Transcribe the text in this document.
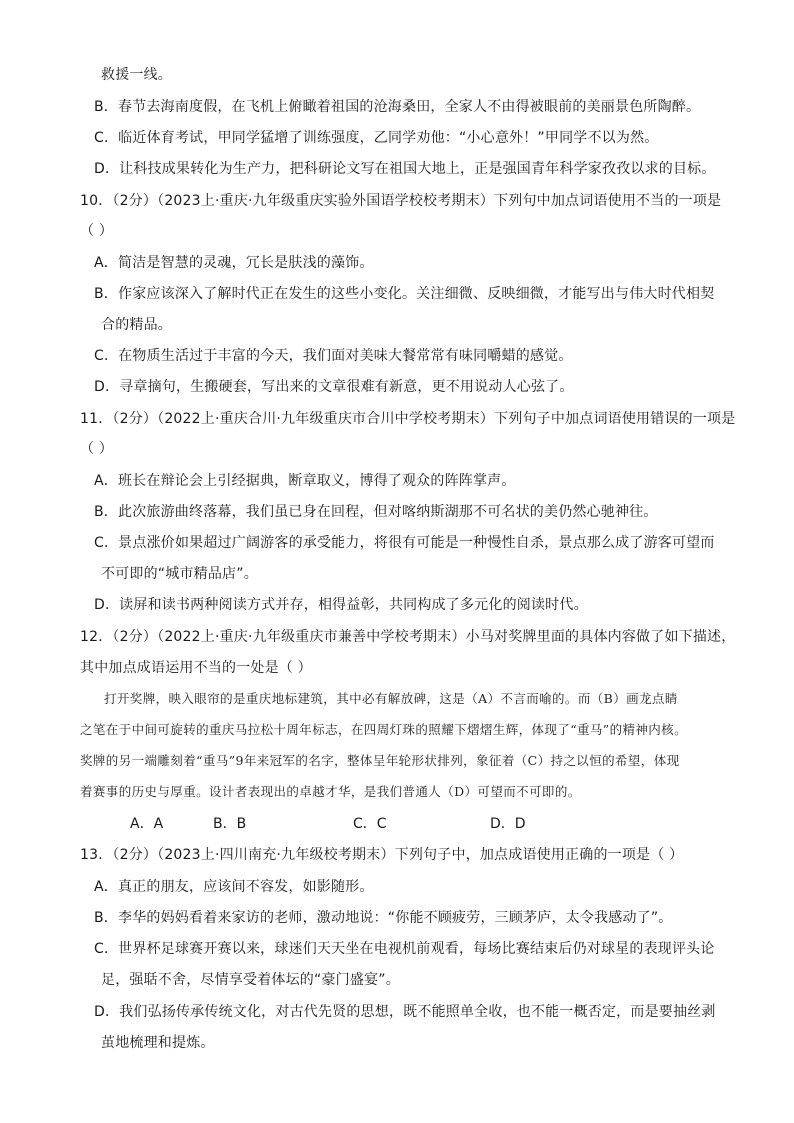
救援一线。
B．春节去海南度假，在飞机上俯瞰着祖国的沧海桑田，全家人不由得被眼前的美丽景色所陶醉。
C．临近体育考试，甲同学猛增了训练强度，乙同学劝他：“小心意外！”甲同学不以为然。
D．让科技成果转化为生产力，把科研论文写在祖国大地上，正是强国青年科学家孜孜以求的目标。
10．（2分）（2023上·重庆·九年级重庆实验外国语学校校考期末）下列句中加点词语使用不当的一项是
（ ）
A．简洁是智慧的灵魂，冗长是肤浅的藻饰。
B．作家应该深入了解时代正在发生的这些小变化。关注细微、反映细微，才能写出与伟大时代相契
合的精品。
C．在物质生活过于丰富的今天，我们面对美味大餐常常有味同嚼蜡的感觉。
D．寻章摘句，生搬硬套，写出来的文章很难有新意，更不用说动人心弦了。
11．（2分）（2022上·重庆合川·九年级重庆市合川中学校考期末）下列句子中加点词语使用错误的一项是
（ ）
A．班长在辩论会上引经据典，断章取义，博得了观众的阵阵掌声。
B．此次旅游曲终落幕，我们虽已身在回程，但对喀纳斯湖那不可名状的美仍然心驰神往。
C．景点涨价如果超过广阔游客的承受能力，将很有可能是一种慢性自杀，景点那么成了游客可望而
不可即的“城市精品店”。
D．读屏和读书两种阅读方式并存，相得益彰，共同构成了多元化的阅读时代。
12．（2分）（2022上·重庆·九年级重庆市兼善中学校考期末）小马对奖牌里面的具体内容做了如下描述，
其中加点成语运用不当的一处是（ ）
打开奖牌，映入眼帘的是重庆地标建筑，其中必有解放碑，这是（A）不言而喻的。而（B）画龙点睛
之笔在于中间可旋转的重庆马拉松十周年标志，在四周灯珠的照耀下熠熠生辉，体现了“重马”的精神内核。
奖牌的另一端雕刻着“重马”9年来冠军的名字，整体呈年轮形状排列，象征着（C）持之以恒的希望，体现
着赛事的历史与厚重。设计者表现出的卓越才华，是我们普通人（D）可望而不可即的。
A．A	B．B	C．C	D．D
13．（2分）（2023上·四川南充·九年级校考期末）下列句子中，加点成语使用正确的一项是（ ）
A．真正的朋友，应该间不容发，如影随形。
B．李华的妈妈看着来家访的老师，激动地说：“你能不顾疲劳，三顾茅庐，太令我感动了”。
C．世界杯足球赛开赛以来，球迷们天天坐在电视机前观看，每场比赛结束后仍对球星的表现评头论
足，强聒不舍，尽情享受着体坛的“豪门盛宴”。
D．我们弘扬传承传统文化，对古代先贤的思想，既不能照单全收，也不能一概否定，而是要抽丝剥
茧地梳理和提炼。
